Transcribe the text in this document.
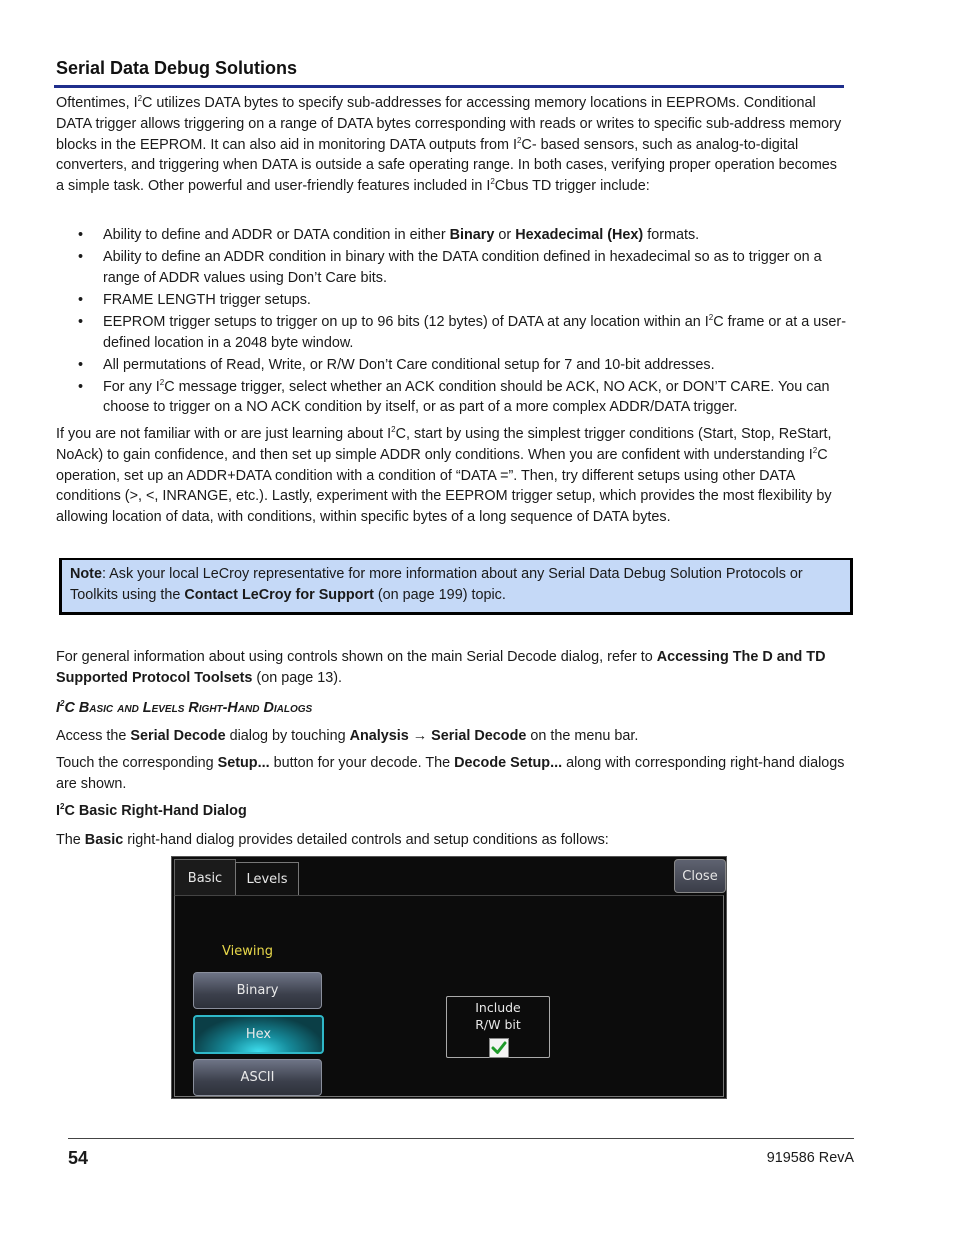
Serial Data Debug Solutions
Oftentimes, $I^2C$ utilizes DATA bytes to specify sub-addresses for accessing memory locations in EEPROMs. Conditional DATA trigger allows triggering on a range of DATA bytes corresponding with reads or writes to specific sub-address memory blocks in the EEPROM. It can also aid in monitoring DATA outputs from $I^2C-$ based sensors, such as analog-to-digital converters, and triggering when DATA is outside a safe operating range. In both cases, verifying proper operation becomes a simple task. Other powerful and user-friendly features included in $I^2Cbus$ TD trigger include:
• Ability to define and ADDR or DATA condition in either Binary or Hexadecimal (Hex) formats.
• Ability to define an ADDR condition in binary with the DATA condition defined in hexadecimal so as to trigger on a range of ADDR values using Don’t Care bits.
• FRAME LENGTH trigger setups.
• EEPROM trigger setups to trigger on up to 96 bits (12 bytes) of DATA at any location within an $I^2C$ frame or at a user-defined location in a 2048 byte window.
• All permutations of Read, Write, or R/W Don’t Care conditional setup for 7 and 10-bit addresses.
• For any $I^2C$ message trigger, select whether an ACK condition should be ACK, NO ACK, or DON’T CARE. You can choose to trigger on a NO ACK condition by itself, or as part of a more complex ADDR/DATA trigger.
If you are not familiar with or are just learning about $I^2C$, start by using the simplest trigger conditions (Start, Stop, ReStart, NoAck) to gain confidence, and then set up simple ADDR only conditions. When you are confident with understanding $I^2C$ operation, set up an ADDR+DATA condition with a condition of “DATA =”. Then, try different setups using other DATA conditions (>, <, INRANGE, etc.). Lastly, experiment with the EEPROM trigger setup, which provides the most flexibility by allowing location of data, with conditions, within specific bytes of a long sequence of DATA bytes.
Note: Ask your local LeCroy representative for more information about any Serial Data Debug Solution Protocols or Toolkits using the Contact LeCroy for Support (on page 199) topic.
For general information about using controls shown on the main Serial Decode dialog, refer to Accessing The D and TD Supported Protocol Toolsets (on page 13).
$I^2C$ Basic and Levels Right-Hand Dialogs
Access the Serial Decode dialog by touching Analysis → Serial Decode on the menu bar.
Touch the corresponding Setup... button for your decode. The Decode Setup... along with corresponding right-hand dialogs are shown.
$I^2C$ Basic Right-Hand Dialog
The Basic right-hand dialog provides detailed controls and setup conditions as follows:
Basic	Levels	Close
Viewing
Binary
Hex
ASCII
Include
R/W bit
54	919586 RevA
